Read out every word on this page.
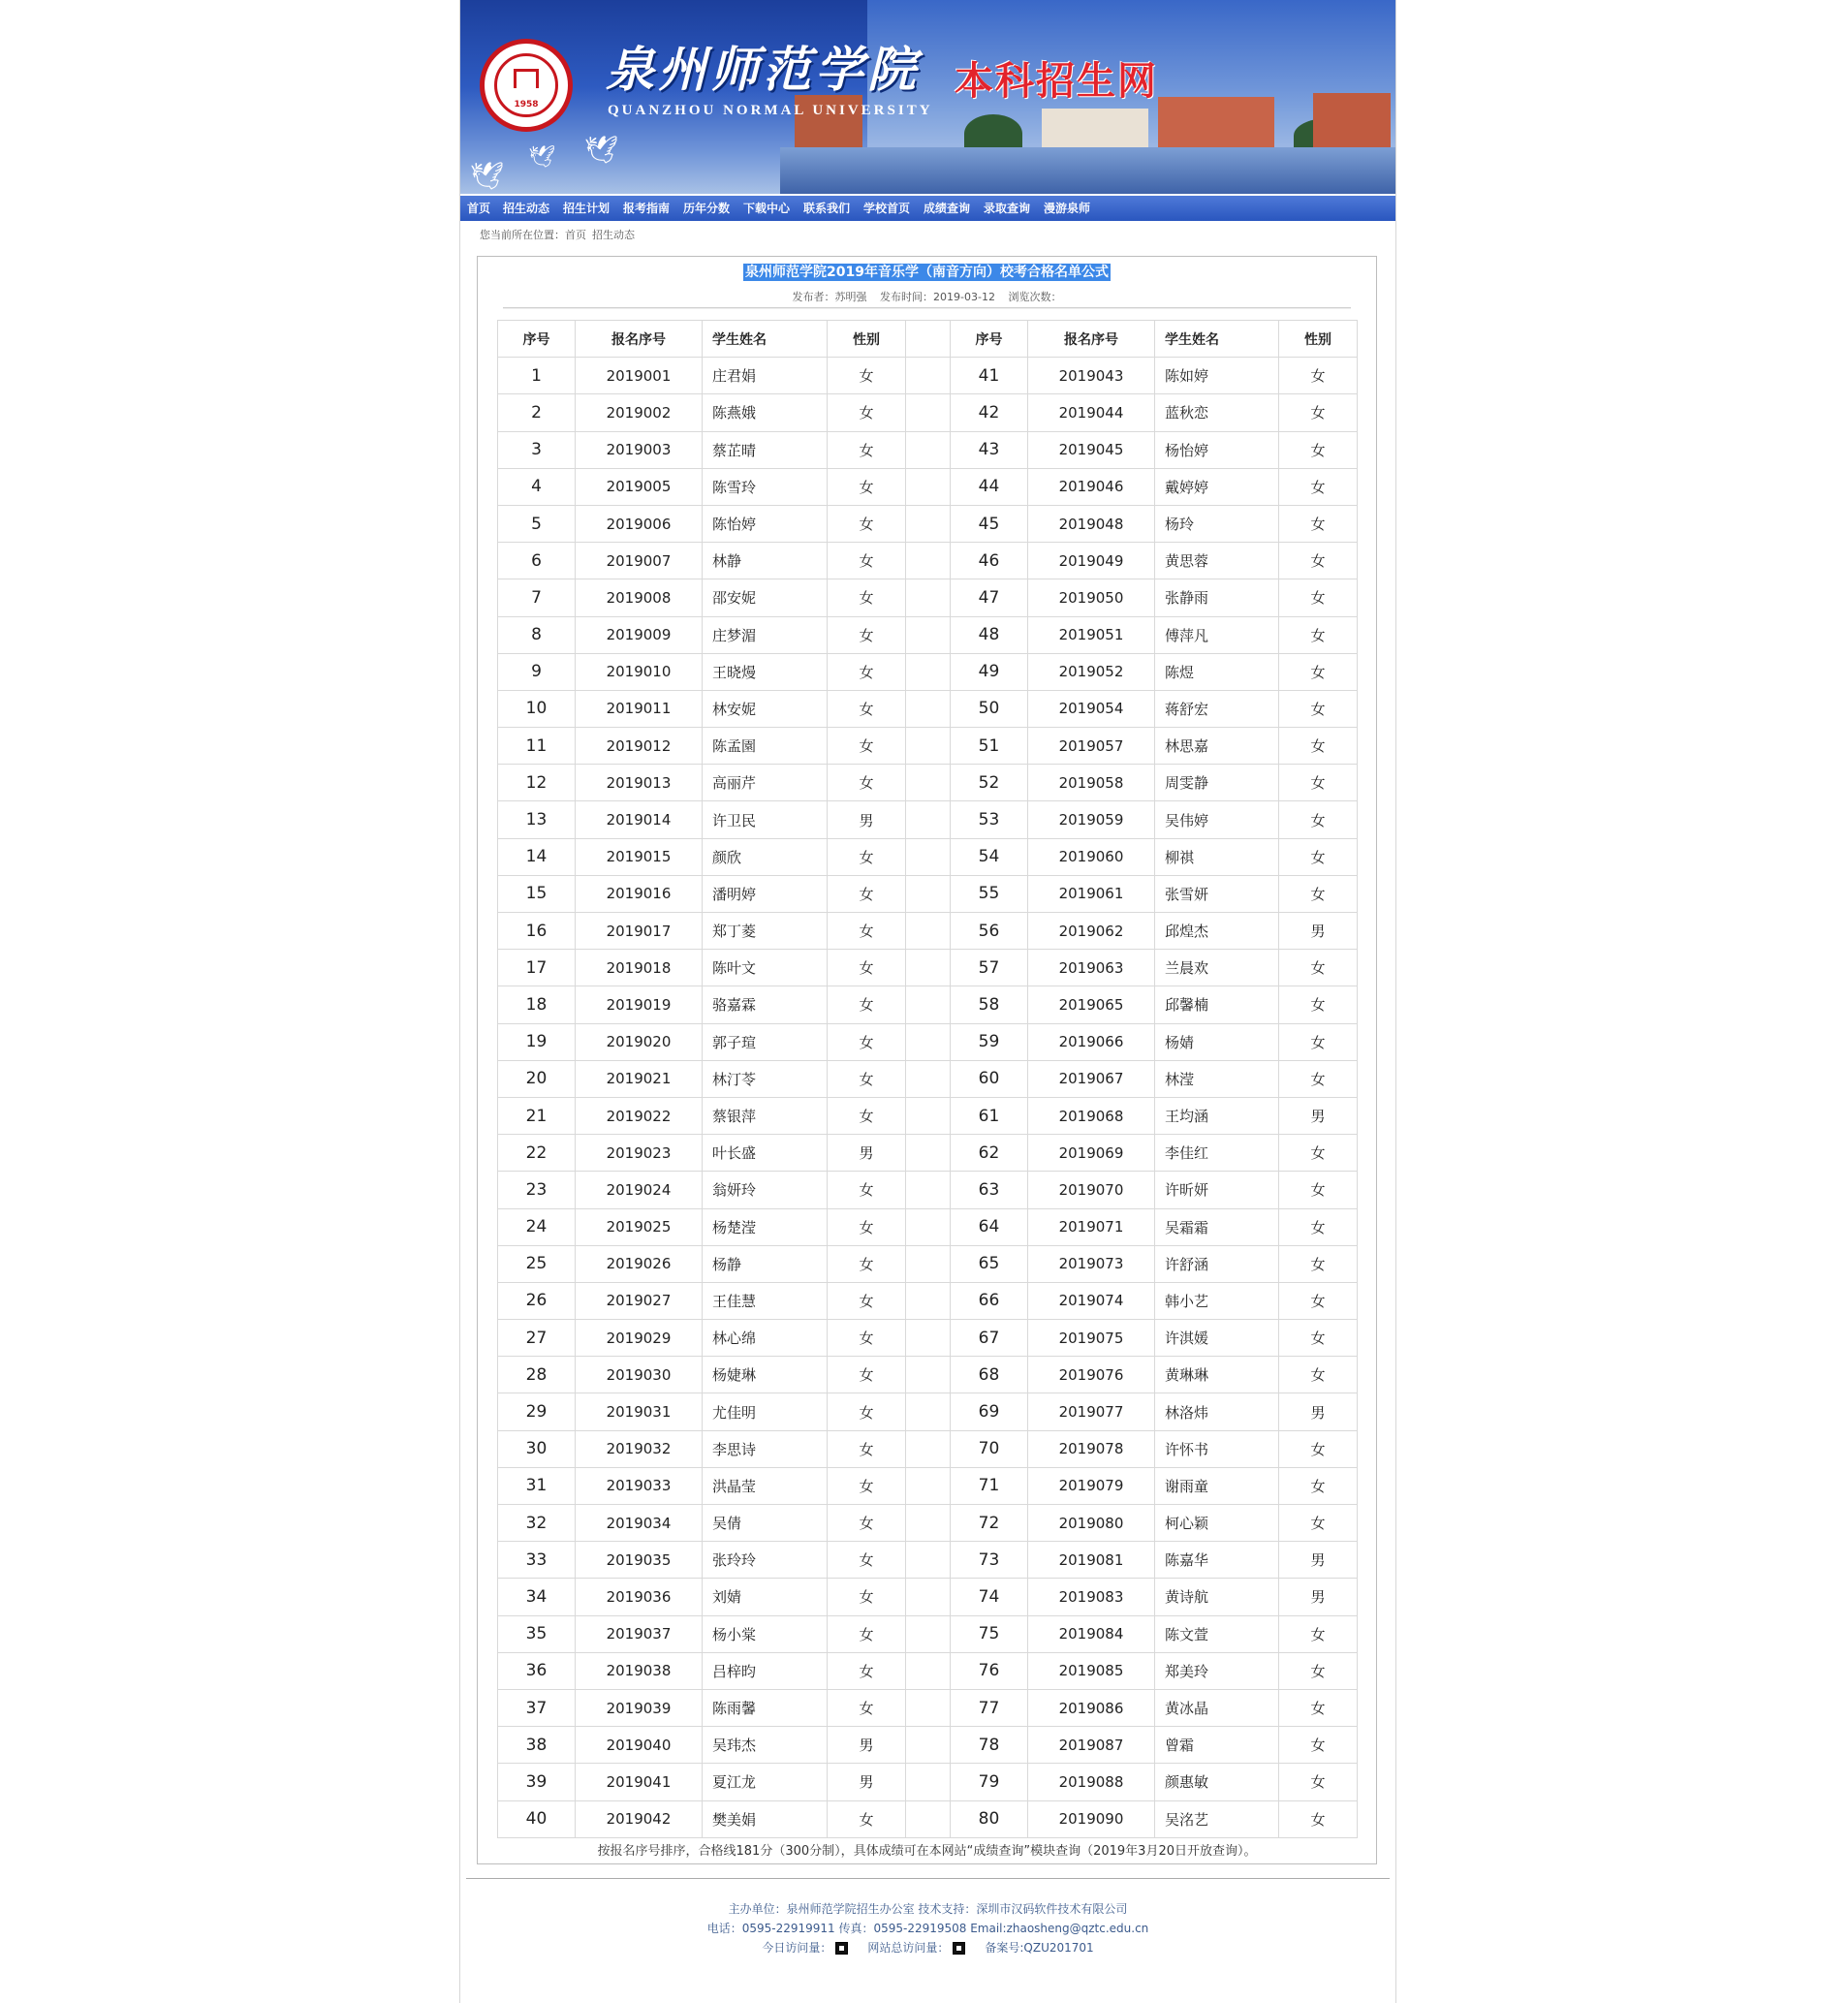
1958
泉州师范学院
QUANZHOU NORMAL UNIVERSITY
本科招生网
🕊
🕊 🕊
首页 招生动态 招生计划 报考指南 历年分数 下载中心 联系我们 学校首页 成绩查询 录取查询 漫游泉师
您当前所在位置：首页 招生动态
泉州师范学院2019年音乐学（南音方向）校考合格名单公式
发布者：苏明强 发布时间：2019-03-12 浏览次数：
序号	报名序号	学生姓名	性别		序号	报名序号	学生姓名	性别
1	2019001	庄君娟	女		41	2019043	陈如婷	女
2	2019002	陈燕娥	女		42	2019044	蓝秋恋	女
3	2019003	蔡芷晴	女		43	2019045	杨怡婷	女
4	2019005	陈雪玲	女		44	2019046	戴婷婷	女
5	2019006	陈怡婷	女		45	2019048	杨玲	女
6	2019007	林静	女		46	2019049	黄思蓉	女
7	2019008	邵安妮	女		47	2019050	张静雨	女
8	2019009	庄梦湄	女		48	2019051	傅萍凡	女
9	2019010	王晓熳	女		49	2019052	陈煜	女
10	2019011	林安妮	女		50	2019054	蒋舒宏	女
11	2019012	陈孟園	女		51	2019057	林思嘉	女
12	2019013	高丽芹	女		52	2019058	周雯静	女
13	2019014	许卫民	男		53	2019059	吴伟婷	女
14	2019015	颜欣	女		54	2019060	柳祺	女
15	2019016	潘明婷	女		55	2019061	张雪妍	女
16	2019017	郑丁菱	女		56	2019062	邱煌杰	男
17	2019018	陈叶文	女		57	2019063	兰晨欢	女
18	2019019	骆嘉霖	女		58	2019065	邱馨楠	女
19	2019020	郭子瑄	女		59	2019066	杨婧	女
20	2019021	林汀苓	女		60	2019067	林滢	女
21	2019022	蔡银萍	女		61	2019068	王均涵	男
22	2019023	叶长盛	男		62	2019069	李佳红	女
23	2019024	翁妍玲	女		63	2019070	许昕妍	女
24	2019025	杨楚滢	女		64	2019071	吴霜霜	女
25	2019026	杨静	女		65	2019073	许舒涵	女
26	2019027	王佳慧	女		66	2019074	韩小艺	女
27	2019029	林心绵	女		67	2019075	许淇媛	女
28	2019030	杨婕琳	女		68	2019076	黄琳琳	女
29	2019031	尤佳明	女		69	2019077	林洛炜	男
30	2019032	李思诗	女		70	2019078	许怀书	女
31	2019033	洪晶莹	女		71	2019079	谢雨童	女
32	2019034	吴倩	女		72	2019080	柯心颖	女
33	2019035	张玲玲	女		73	2019081	陈嘉华	男
34	2019036	刘婧	女		74	2019083	黄诗航	男
35	2019037	杨小棠	女		75	2019084	陈文萱	女
36	2019038	吕梓昀	女		76	2019085	郑美玲	女
37	2019039	陈雨馨	女		77	2019086	黄冰晶	女
38	2019040	吴玮杰	男		78	2019087	曾霜	女
39	2019041	夏江龙	男		79	2019088	颜惠敏	女
40	2019042	樊美娟	女		80	2019090	吴洺艺	女
按报名序号排序，合格线181分（300分制），具体成绩可在本网站“成绩查询”模块查询（2019年3月20日开放查询）。
主办单位：泉州师范学院招生办公室 技术支持：深圳市汉码软件技术有限公司
电话：0595-22919911 传真：0595-22919508 Email:zhaosheng@qztc.edu.cn
今日访问量：	网站总访问量：	备案号:QZU201701
